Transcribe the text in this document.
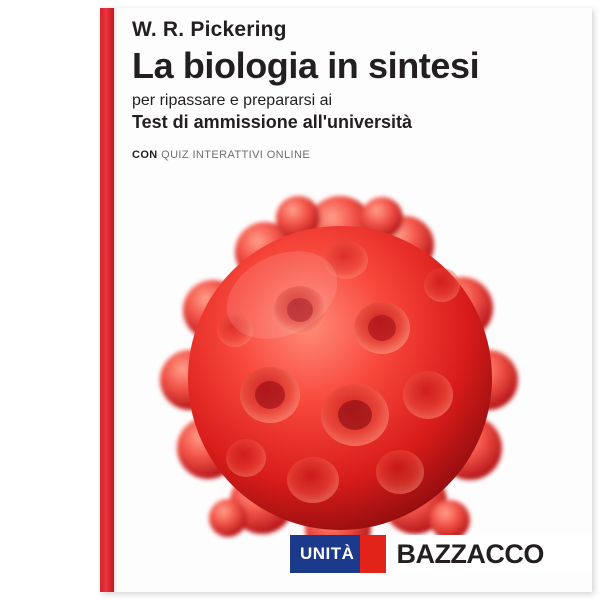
W. R. Pickering

La biologia in sintesi

per ripassare e prepararsi ai

Test di ammissione all'università

CON QUIZ INTERATTIVI ONLINE

UNIT À	BAZZACCO
